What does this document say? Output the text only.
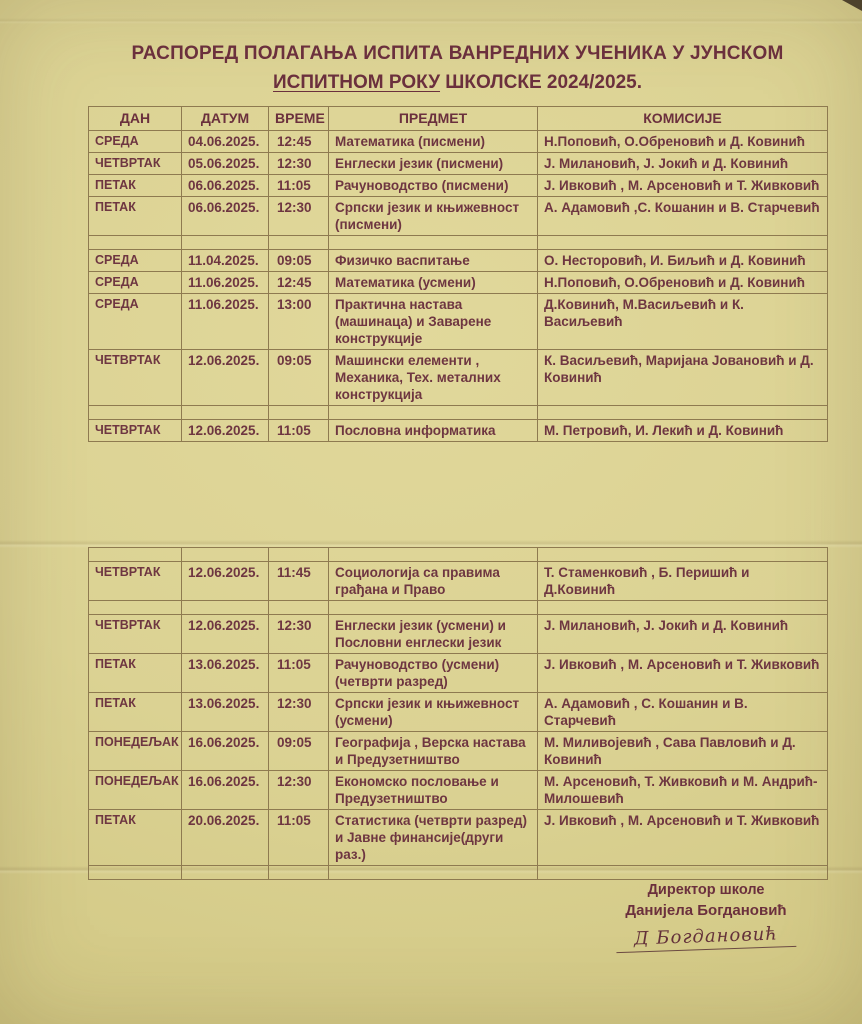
РАСПОРЕД ПОЛАГАЊА ИСПИТА ВАНРЕДНИХ УЧЕНИКА У ЈУНСКОМ
ИСПИТНОМ РОКУ ШКОЛСКЕ 2024/2025.
ДАН	ДАТУМ	ВРЕМЕ	ПРЕДМЕТ	КОМИСИЈЕ
СРЕДА	04.06.2025.	12:45	Математика (писмени)	Н.Поповић, О.Обреновић и Д. Ковинић
ЧЕТВРТАК	05.06.2025.	12:30	Енглески језик (писмени)	Ј. Милановић, Ј. Јокић и Д. Ковинић
ПЕТАК	06.06.2025.	11:05	Рачуноводство (писмени)	Ј. Ивковић , М. Арсеновић и Т. Живковић
ПЕТАК	06.06.2025.	12:30	Српски језик и књижевност (писмени)	А. Адамовић ,С. Кошанин и В. Старчевић

СРЕДА	11.04.2025.	09:05	Физичко васпитање	О. Несторовић, И. Биљић и Д. Ковинић
СРЕДА	11.06.2025.	12:45	Математика (усмени)	Н.Поповић, О.Обреновић и Д. Ковинић
СРЕДА	11.06.2025.	13:00	Практична настава (машинаца) и Заварене конструкције	Д.Ковинић, М.Васиљевић и К. Васиљевић
ЧЕТВРТАК	12.06.2025.	09:05	Машински елементи , Механика, Тех. металних конструкција	К. Васиљевић, Маријана Јовановић и Д. Ковинић

ЧЕТВРТАК	12.06.2025.	11:05	Пословна информатика	М. Петровић, И. Лекић и Д. Ковинић

ЧЕТВРТАК	12.06.2025.	11:45	Социологија са правима грађана и Право	Т. Стаменковић , Б. Перишић и Д.Ковинић

ЧЕТВРТАК	12.06.2025.	12:30	Енглески језик (усмени) и Пословни енглески језик	Ј. Милановић, Ј. Јокић и Д. Ковинић
ПЕТАК	13.06.2025.	11:05	Рачуноводство (усмени) (четврти разред)	Ј. Ивковић , М. Арсеновић и Т. Живковић
ПЕТАК	13.06.2025.	12:30	Српски језик и књижевност (усмени)	А. Адамовић , С. Кошанин и В. Старчевић
ПОНЕДЕЉАК	16.06.2025.	09:05	Географија , Верска настава и Предузетништво	М. Миливојевић , Сава Павловић и Д. Ковинић
ПОНЕДЕЉАК	16.06.2025.	12:30	Економско пословање и Предузетништво	М. Арсеновић, Т. Живковић и М. Андрић-Милошевић
ПЕТАК	20.06.2025.	11:05	Статистика (четврти разред) и Јавне финансије(други раз.)	Ј. Ивковић , М. Арсеновић и Т. Живковић

Директор школе
Данијела Богдановић
Д Богдановић
